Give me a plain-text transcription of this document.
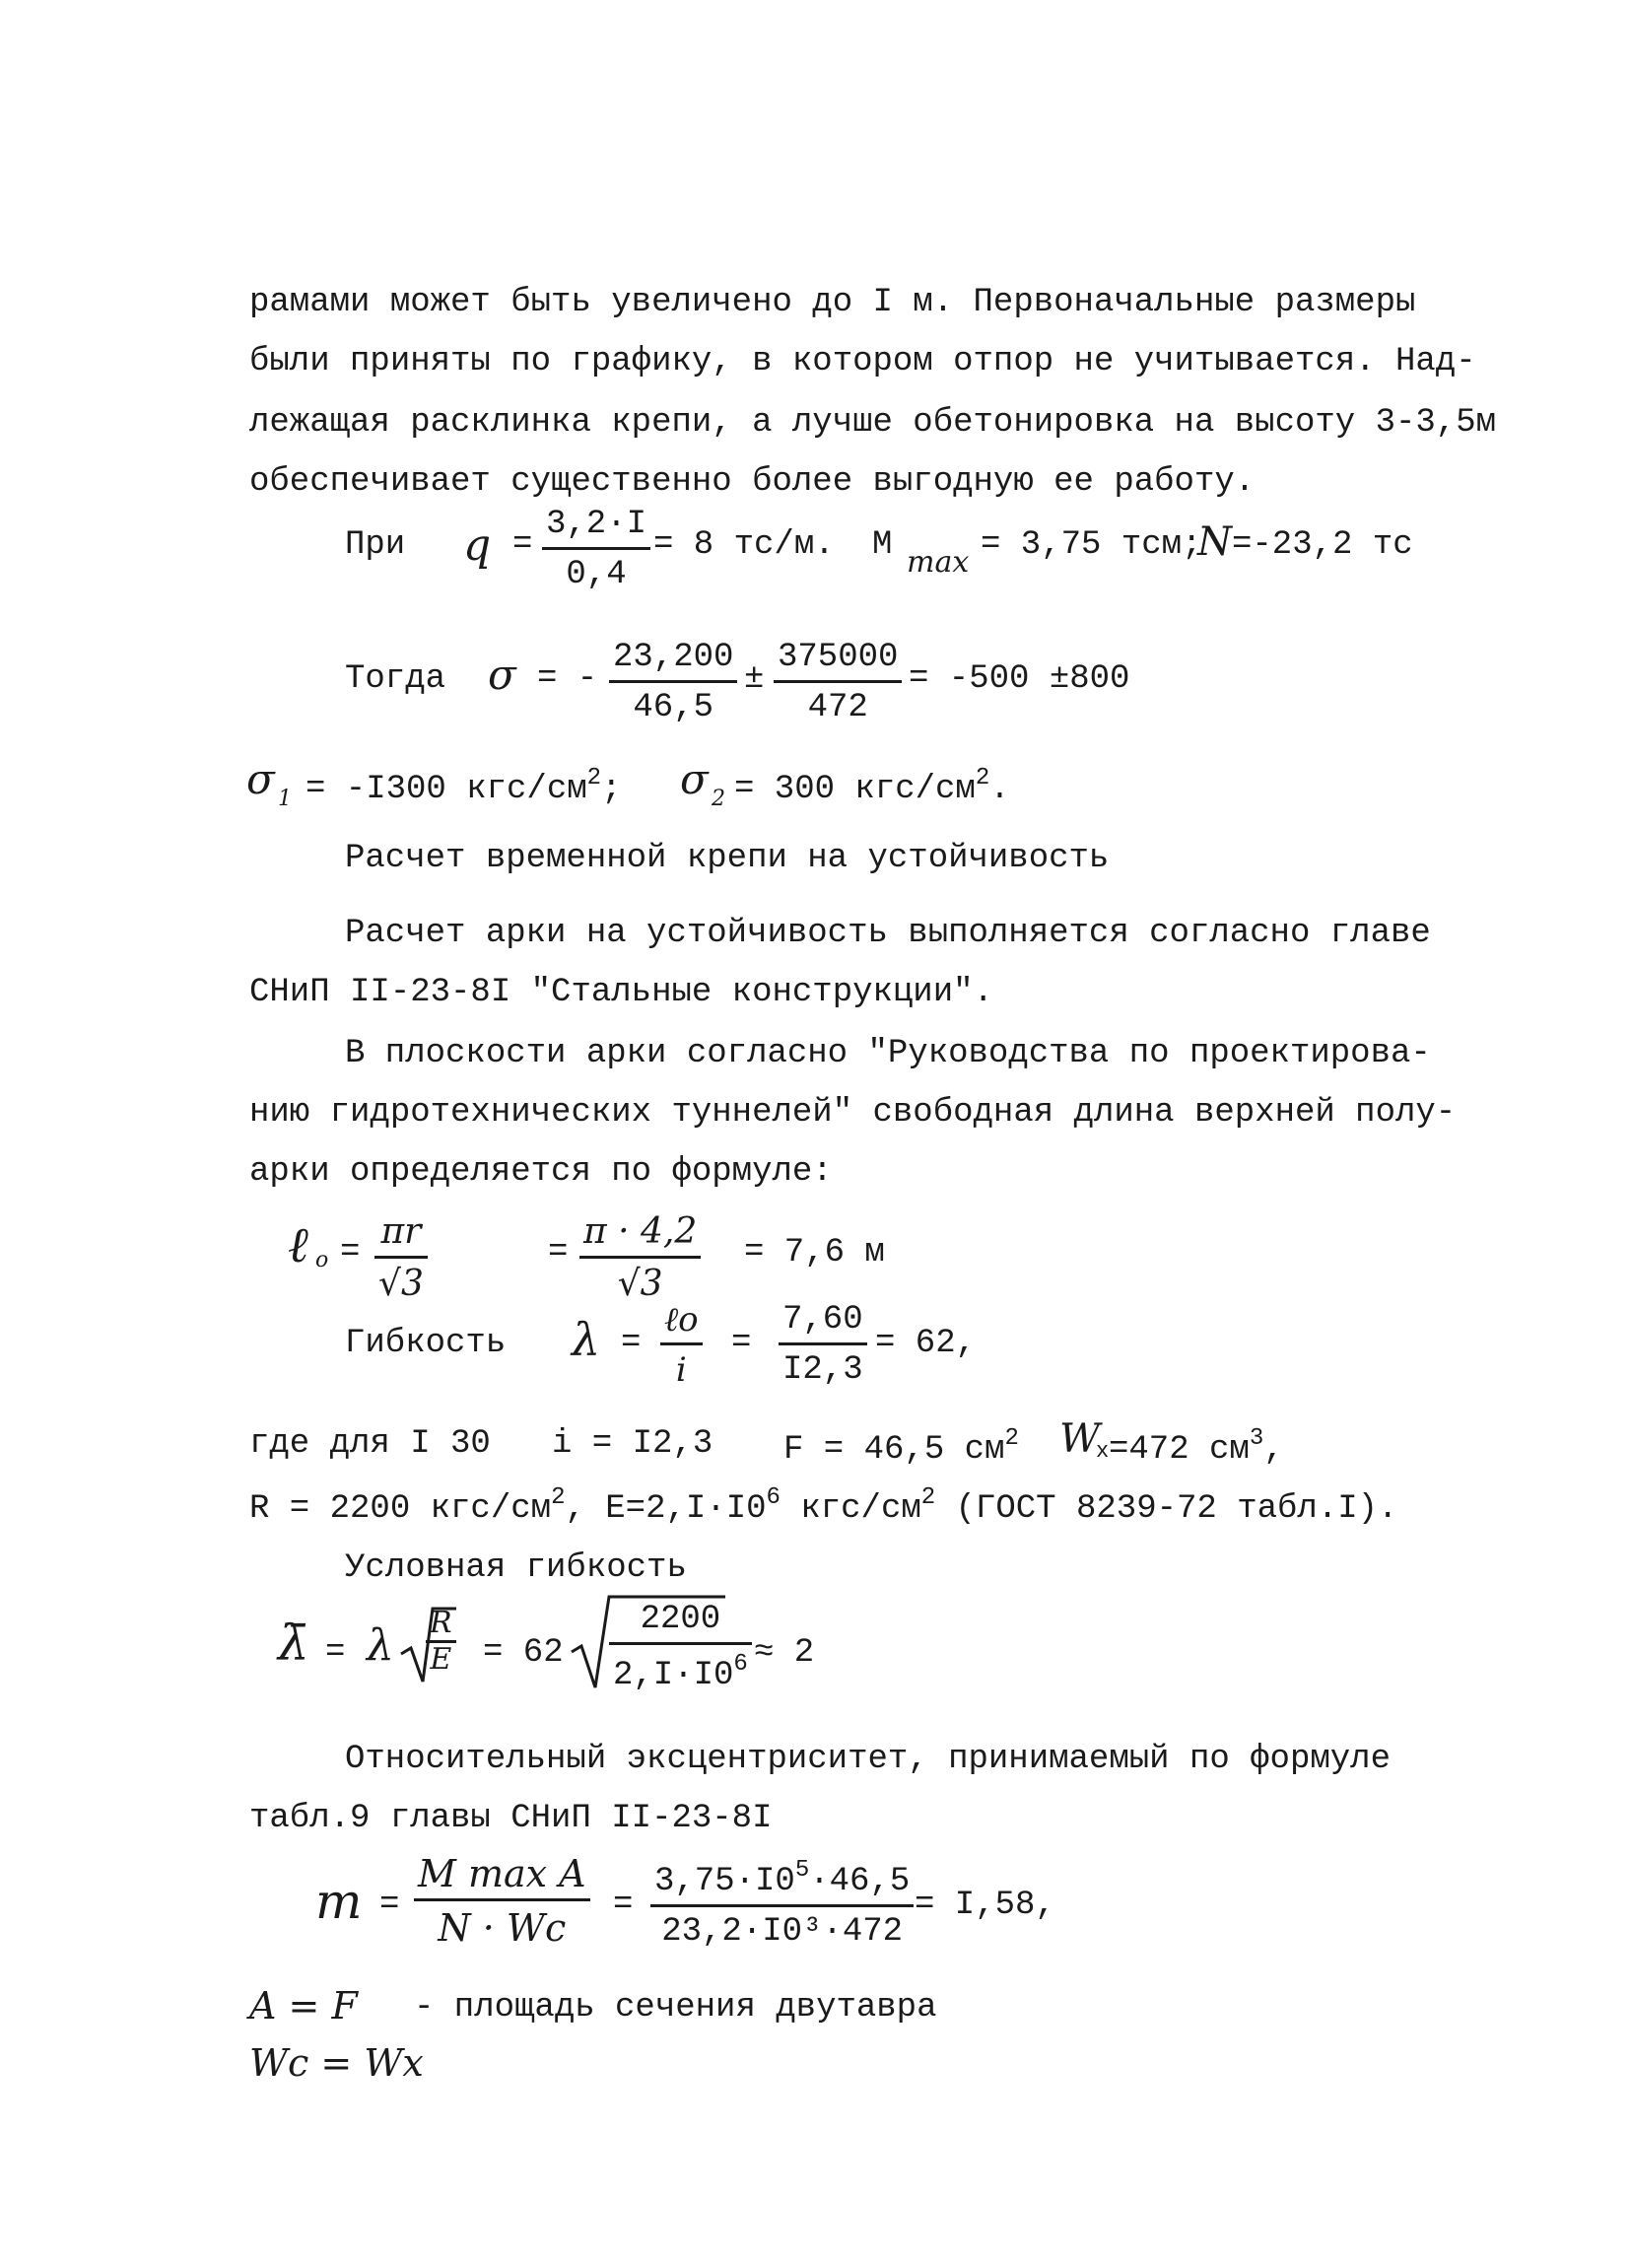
рамами может быть увеличено до I м. Первоначальные размеры
были приняты по графику, в котором отпор не учитывается. Над-
лежащая расклинка крепи, а лучше обетонировка на высоту 3-3,5м
обеспечивает существенно более выгодную ее работу.
При $q = \frac{3,2\cdot I}{0,4} = 8$ тс/м. M max = 3,75 тсм;
N =-23,2 тс
Тогда σ = - $\frac{23,200}{46,5} \pm \frac{375000}{472} = -500 \pm 800$
σ 1 = -I300 кгс/$см^2$; σ 2 = 300 кгс/$см^2$.
Расчет временной крепи на устойчивость
Расчет арки на устойчивость выполняется согласно главе
СНиП II-23-8I "Стальные конструкции".
В плоскости арки согласно "Руководства по проектирова-
нию гидротехнических туннелей" свободная длина верхней полу-
арки определяется по формуле:
ℓ $o = \frac{\pi r}{√3}$	= $\frac{\pi \cdot 4,2}{√3} = 7,6$ м
Гибкость λ =
ℓo
i
= $\frac{7,60}{I2,3} = 62$,
где для I 30 i = I2,3 F = 46,5 $см^2$ W
x =472 $см^3$,
R = 2200 кгс/$см^2$, $E=2,I\cdot I0^6$ кгс/$см^2$ (ГОСТ 8239-72 табл.I).
Условная гибкость
λ̄ = λ $\frac{R}{E} = 62 \frac{2200}{2,I\cdot I0^6} \approx 2$
Относительный эксцентриситет, принимаемый по формуле
табл.9 главы СНиП II-23-8I
m =
M max A
N · Wc
= $\frac{3,75\cdot I0^5\cdot 46,5}{\text{23,2·I0³·472}} = I,58$,
A = F - площадь сечения двутавра
Wc = Wx
